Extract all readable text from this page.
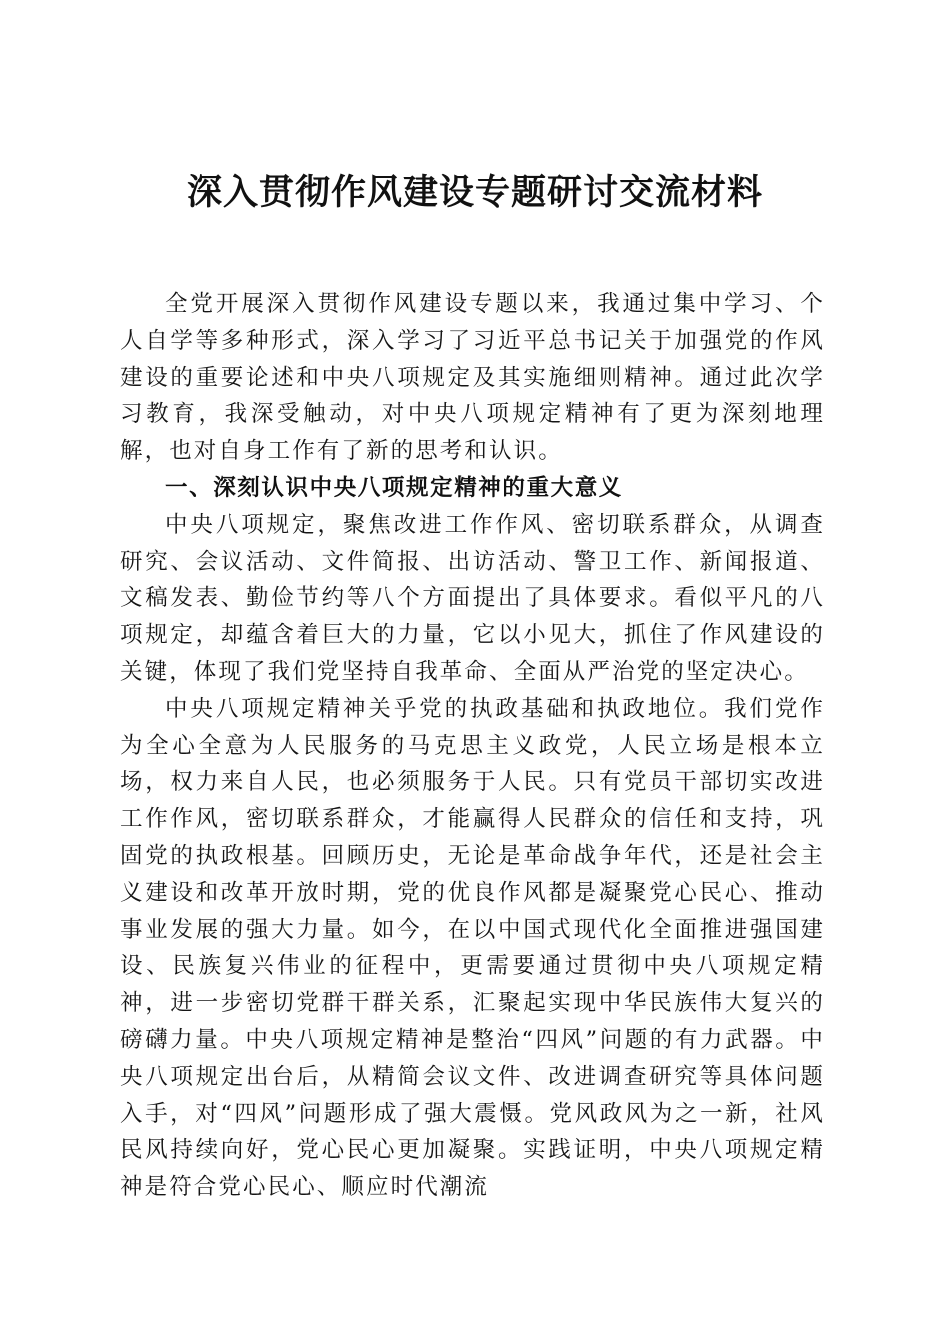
深入贯彻作风建设专题研讨交流材料

全党开展深入贯彻作风建设专题以来，我通过集中学习、个人自学等多种形式，深入学习了习近平总书记关于加强党的作风建设的重要论述和中央八项规定及其实施细则精神。通过此次学习教育，我深受触动，对中央八项规定精神有了更为深刻地理解，也对自身工作有了新的思考和认识。

一、深刻认识中央八项规定精神的重大意义

中央八项规定，聚焦改进工作作风、密切联系群众，从调查研究、会议活动、文件简报、出访活动、警卫工作、新闻报道、文稿发表、勤俭节约等八个方面提出了具体要求。看似平凡的八项规定，却蕴含着巨大的力量，它以小见大，抓住了作风建设的关键，体现了我们党坚持自我革命、全面从严治党的坚定决心。

中央八项规定精神关乎党的执政基础和执政地位。我们党作为全心全意为人民服务的马克思主义政党，人民立场是根本立场，权力来自人民，也必须服务于人民。只有党员干部切实改进工作作风，密切联系群众，才能赢得人民群众的信任和支持，巩固党的执政根基。回顾历史，无论是革命战争年代，还是社会主义建设和改革开放时期，党的优良作风都是凝聚党心民心、推动事业发展的强大力量。如今，在以中国式现代化全面推进强国建设、民族复兴伟业的征程中，更需要通过贯彻中央八项规定精神，进一步密切党群干群关系，汇聚起实现中华民族伟大复兴的磅礴力量。中央八项规定精神是整治“四风”问题的有力武器。中央八项规定出台后，从精简会议文件、改进调查研究等具体问题入手，对“四风”问题形成了强大震慑。党风政风为之一新，社风民风持续向好，党心民心更加凝聚。实践证明，中央八项规定精神是符合党心民心、顺应时代潮流
